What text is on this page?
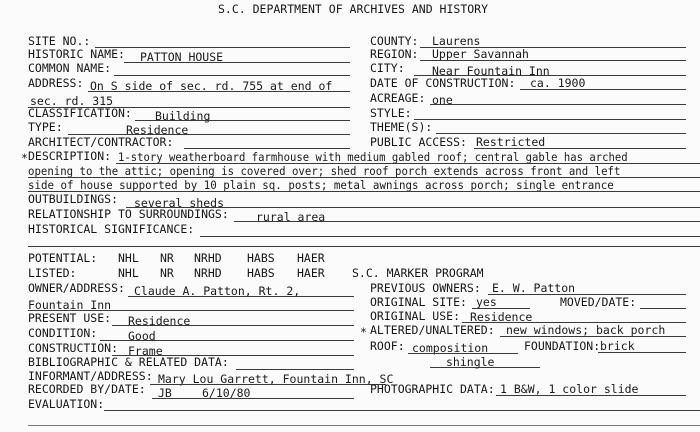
S.C. DEPARTMENT OF ARCHIVES AND HISTORY
SITE NO.:
HISTORIC NAME: PATTON HOUSE
COMMON NAME:
ADDRESS: On S side of sec. rd. 755 at end of
sec. rd. 315
CLASSIFICATION: Building
TYPE:	Residence
ARCHITECT/CONTRACTOR:
COUNTY: Laurens
REGION: Upper Savannah
CITY: Near Fountain Inn
DATE OF CONSTRUCTION: ca. 1900
ACREAGE: one
STYLE:
THEME(S):
PUBLIC ACCESS: Restricted
* DESCRIPTION: 1-story weatherboard farmhouse with medium gabled roof; central gable has arched
opening to the attic; opening is covered over; shed roof porch extends across front and left
side of house supported by 10 plain sq. posts; metal awnings across porch; single entrance
OUTBUILDINGS: several sheds
RELATIONSHIP TO SURROUNDINGS: rural area
HISTORICAL SIGNIFICANCE:
POTENTIAL: NHL NR NRHD HABS HAER
LISTED:	NHL NR NRHD HABS HAER S.C. MARKER PROGRAM
OWNER/ADDRESS: Claude A. Patton, Rt. 2,
Fountain Inn
PREVIOUS OWNERS: E. W. Patton
ORIGINAL SITE: yes	MOVED/DATE:
PRESENT USE: Residence	ORIGINAL USE: Residence
CONDITION:	Good	* ALTERED/UNALTERED: new windows; back porch
CONSTRUCTION: Frame	ROOF: composition	FOUNDATION: brick
shingle
BIBLIOGRAPHIC & RELATED DATA:
INFORMANT/ADDRESS: Mary Lou Garrett, Fountain Inn, SC
RECORDED BY/DATE: JB	6/10/80	PHOTOGRAPHIC DATA: 1 B&W, 1 color slide
EVALUATION:
